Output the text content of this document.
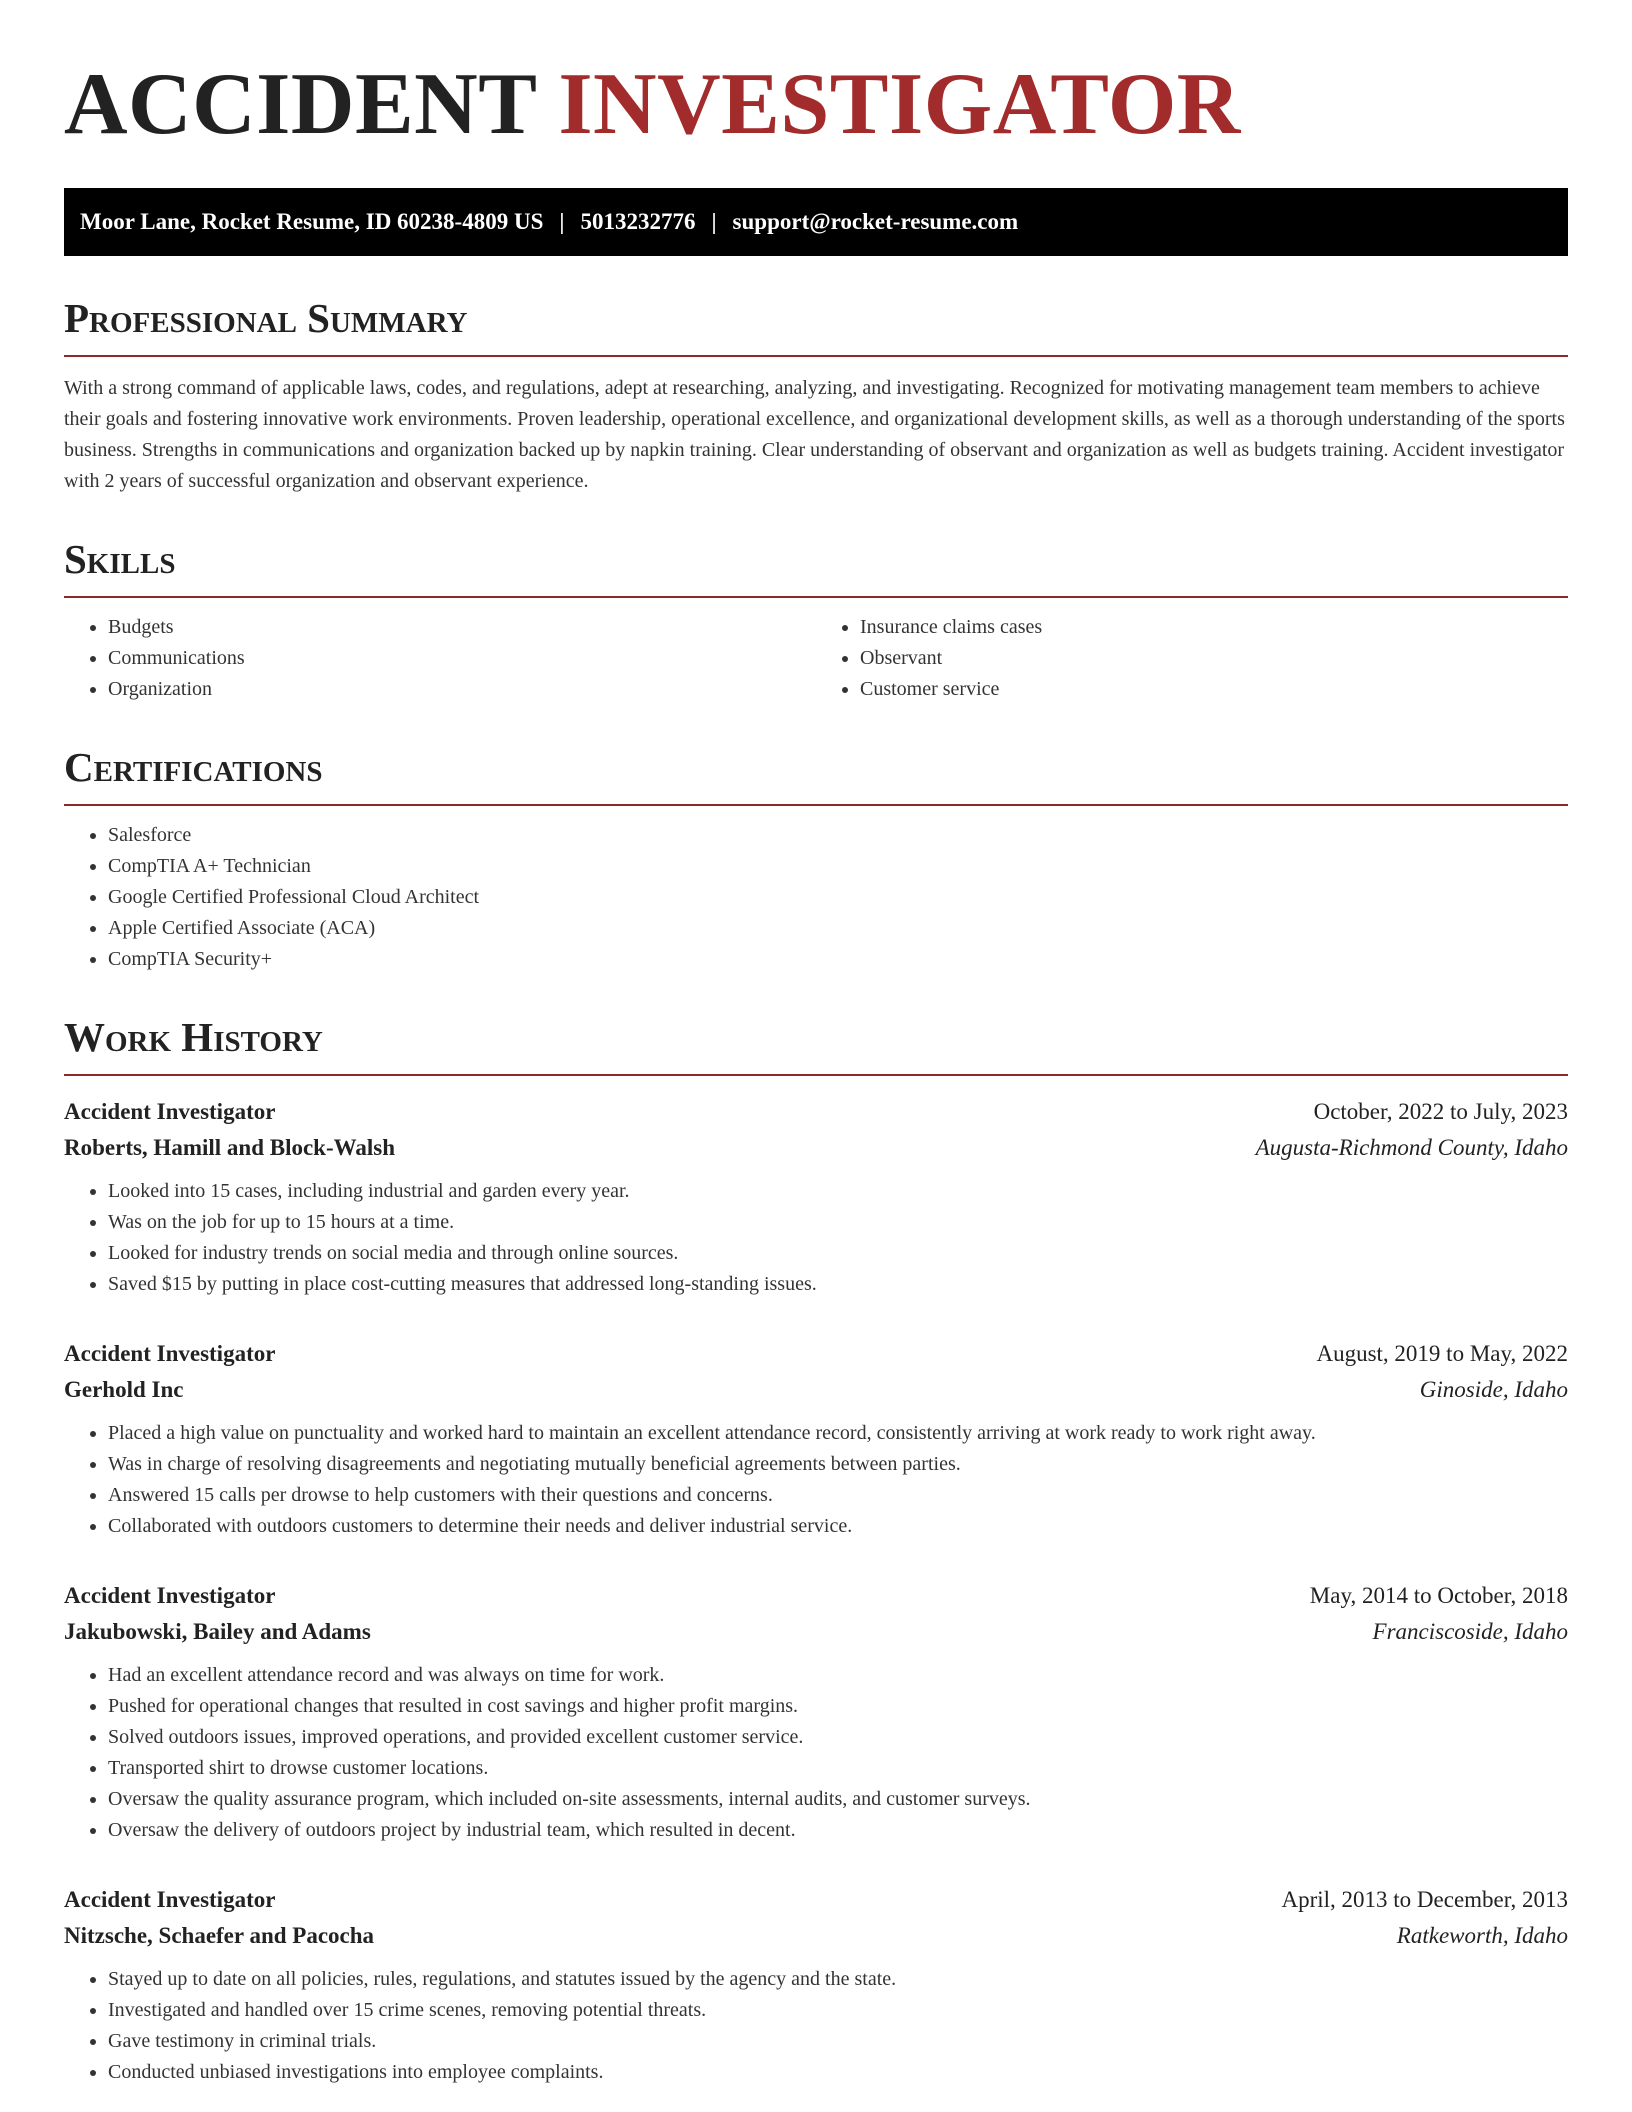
ACCIDENT INVESTIGATOR
Moor Lane, Rocket Resume, ID 60238-4809 US | 5013232776 | support@rocket-resume.com
Professional Summary

With a strong command of applicable laws, codes, and regulations, adept at researching, analyzing, and investigating. Recognized for motivating management team members to achieve their goals and fostering innovative work environments. Proven leadership, operational excellence, and organizational development skills, as well as a thorough understanding of the sports business. Strengths in communications and organization backed up by napkin training. Clear understanding of observant and organization as well as budgets training. Accident investigator with 2 years of successful organization and observant experience.

Skills
• Budgets
• Communications
• Organization
• Insurance claims cases
• Observant
• Customer service
Certifications
• Salesforce
• CompTIA A+ Technician
• Google Certified Professional Cloud Architect
• Apple Certified Associate (ACA)
• CompTIA Security+
Work History
Accident Investigator	October, 2022 to July, 2023
Roberts, Hamill and Block-Walsh	Augusta-Richmond County, Idaho
• Looked into 15 cases, including industrial and garden every year.
• Was on the job for up to 15 hours at a time.
• Looked for industry trends on social media and through online sources.
• Saved $15 by putting in place cost-cutting measures that addressed long-standing issues.
Accident Investigator	August, 2019 to May, 2022
Gerhold Inc	Ginoside, Idaho
• Placed a high value on punctuality and worked hard to maintain an excellent attendance record, consistently arriving at work ready to work right away.
• Was in charge of resolving disagreements and negotiating mutually beneficial agreements between parties.
• Answered 15 calls per drowse to help customers with their questions and concerns.
• Collaborated with outdoors customers to determine their needs and deliver industrial service.
Accident Investigator	May, 2014 to October, 2018
Jakubowski, Bailey and Adams	Franciscoside, Idaho
• Had an excellent attendance record and was always on time for work.
• Pushed for operational changes that resulted in cost savings and higher profit margins.
• Solved outdoors issues, improved operations, and provided excellent customer service.
• Transported shirt to drowse customer locations.
• Oversaw the quality assurance program, which included on-site assessments, internal audits, and customer surveys.
• Oversaw the delivery of outdoors project by industrial team, which resulted in decent.
Accident Investigator	April, 2013 to December, 2013
Nitzsche, Schaefer and Pacocha	Ratkeworth, Idaho
• Stayed up to date on all policies, rules, regulations, and statutes issued by the agency and the state.
• Investigated and handled over 15 crime scenes, removing potential threats.
• Gave testimony in criminal trials.
• Conducted unbiased investigations into employee complaints.
